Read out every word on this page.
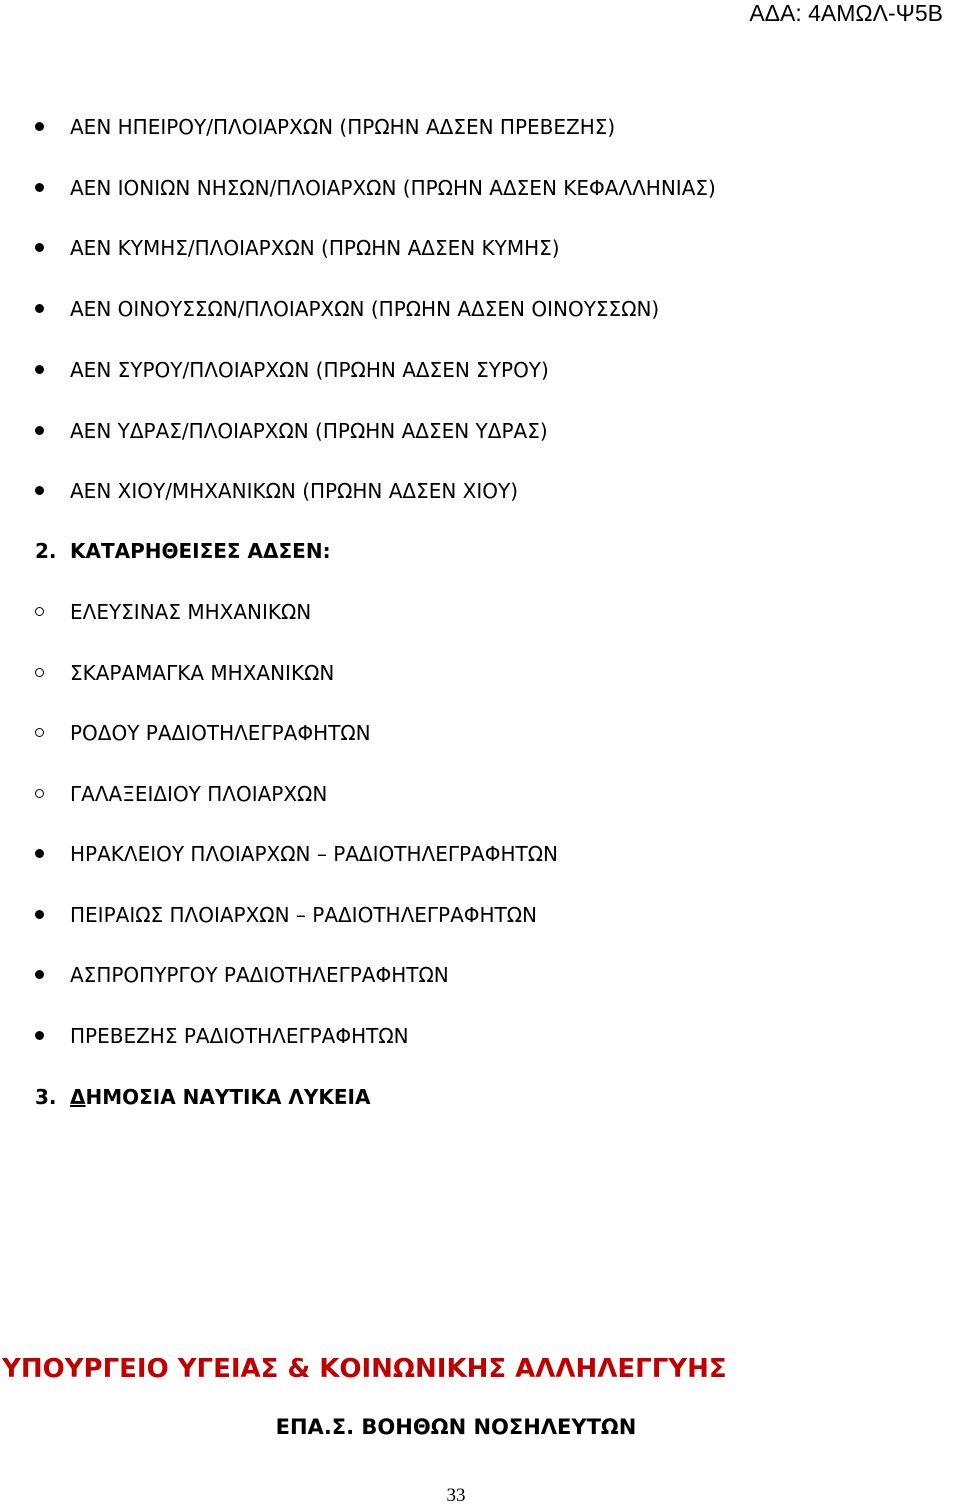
ΑΔΑ: 4ΑΜΩΛ-Ψ5Β
ΑΕΝ ΗΠΕΙΡΟΥ/ΠΛΟΙΑΡΧΩΝ (ΠΡΩΗΝ ΑΔΣΕΝ ΠΡΕΒΕΖΗΣ)
ΑΕΝ ΙΟΝΙΩΝ ΝΗΣΩΝ/ΠΛΟΙΑΡΧΩΝ (ΠΡΩΗΝ ΑΔΣΕΝ ΚΕΦΑΛΛΗΝΙΑΣ)
ΑΕΝ ΚΥΜΗΣ/ΠΛΟΙΑΡΧΩΝ (ΠΡΩΗΝ ΑΔΣΕΝ ΚΥΜΗΣ)
ΑΕΝ ΟΙΝΟΥΣΣΩΝ/ΠΛΟΙΑΡΧΩΝ (ΠΡΩΗΝ ΑΔΣΕΝ ΟΙΝΟΥΣΣΩΝ)
ΑΕΝ ΣΥΡΟΥ/ΠΛΟΙΑΡΧΩΝ (ΠΡΩΗΝ ΑΔΣΕΝ ΣΥΡΟΥ)
ΑΕΝ ΥΔΡΑΣ/ΠΛΟΙΑΡΧΩΝ (ΠΡΩΗΝ ΑΔΣΕΝ ΥΔΡΑΣ)
ΑΕΝ ΧΙΟΥ/ΜΗΧΑΝΙΚΩΝ (ΠΡΩΗΝ ΑΔΣΕΝ ΧΙΟΥ)
2. ΚΑΤΑΡΗΘΕΙΣΕΣ ΑΔΣΕΝ:
ΕΛΕΥΣΙΝΑΣ ΜΗΧΑΝΙΚΩΝ
ΣΚΑΡΑΜΑΓΚΑ ΜΗΧΑΝΙΚΩΝ
ΡΟΔΟΥ ΡΑΔΙΟΤΗΛΕΓΡΑΦΗΤΩΝ
ΓΑΛΑΞΕΙΔΙΟΥ ΠΛΟΙΑΡΧΩΝ
ΗΡΑΚΛΕΙΟΥ ΠΛΟΙΑΡΧΩΝ – ΡΑΔΙΟΤΗΛΕΓΡΑΦΗΤΩΝ
ΠΕΙΡΑΙΩΣ ΠΛΟΙΑΡΧΩΝ – ΡΑΔΙΟΤΗΛΕΓΡΑΦΗΤΩΝ
ΑΣΠΡΟΠΥΡΓΟΥ ΡΑΔΙΟΤΗΛΕΓΡΑΦΗΤΩΝ
ΠΡΕΒΕΖΗΣ ΡΑΔΙΟΤΗΛΕΓΡΑΦΗΤΩΝ
3. ΔΗΜΟΣΙΑ ΝΑΥΤΙΚΑ ΛΥΚΕΙΑ
ΥΠΟΥΡΓΕΙΟ ΥΓΕΙΑΣ & ΚΟΙΝΩΝΙΚΗΣ ΑΛΛΗΛΕΓΓΥΗΣ
ΕΠΑ.Σ. ΒΟΗΘΩΝ ΝΟΣΗΛΕΥΤΩΝ
33
